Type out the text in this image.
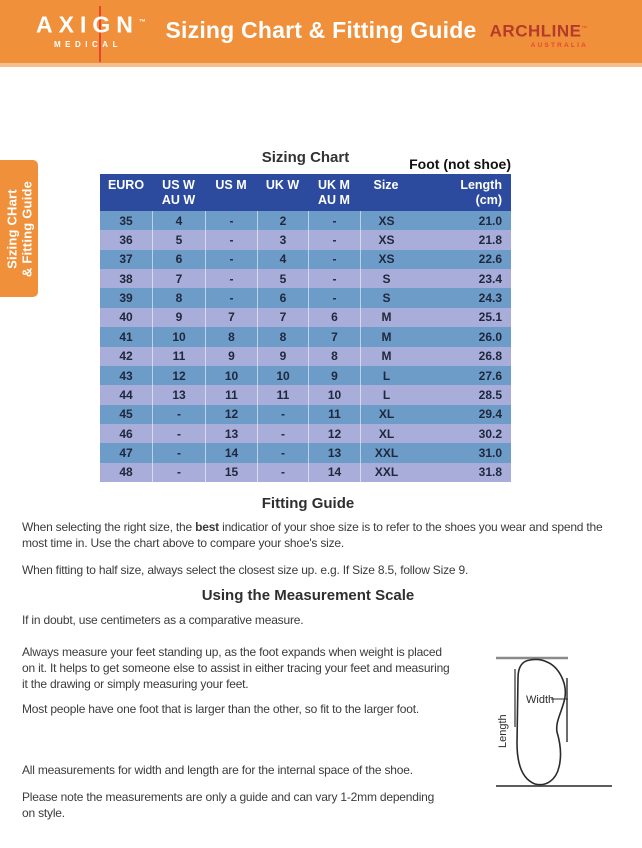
AXIGN™
MEDICAL
Sizing Chart & Fitting Guide ARCHLINE™
AUSTRALIA
Sizing CHart & Fitting Guide
Sizing Chart	Foot (not shoe)
EURO	US W
AU W
US M	UK W	UK M
AU M
Size	Length
(cm)
35	4	-	2	-	XS	21.0
36	5	-	3	-	XS	21.8
37	6	-	4	-	XS	22.6
38	7	-	5	-	S	23.4
39	8	-	6	-	S	24.3
40	9	7	7	6	M	25.1
41	10	8	8	7	M	26.0
42	11	9	9	8	M	26.8
43	12	10	10	9	L	27.6
44	13	11	11	10	L	28.5
45	-	12	-	11	XL	29.4
46	-	13	-	12	XL	30.2
47	-	14	-	13	XXL	31.0
48	-	15	-	14	XXL	31.8
Fitting Guide
When selecting the right size, the best indicatior of your shoe size is to refer to the shoes you wear and spend the most time in. Use the chart above to compare your shoe's size.
When fitting to half size, always select the closest size up. e.g. If Size 8.5, follow Size 9.
Using the Measurement Scale
If in doubt, use centimeters as a comparative measure.
Always measure your feet standing up, as the foot expands when weight is placed
on it. It helps to get someone else to assist in either tracing your feet and measuring
it the drawing or simply measuring your feet.
Most people have one foot that is larger than the other, so fit to the larger foot.
Width
Length
All measurements for width and length are for the internal space of the shoe.
Please note the measurements are only a guide and can vary 1-2mm depending
on style.
